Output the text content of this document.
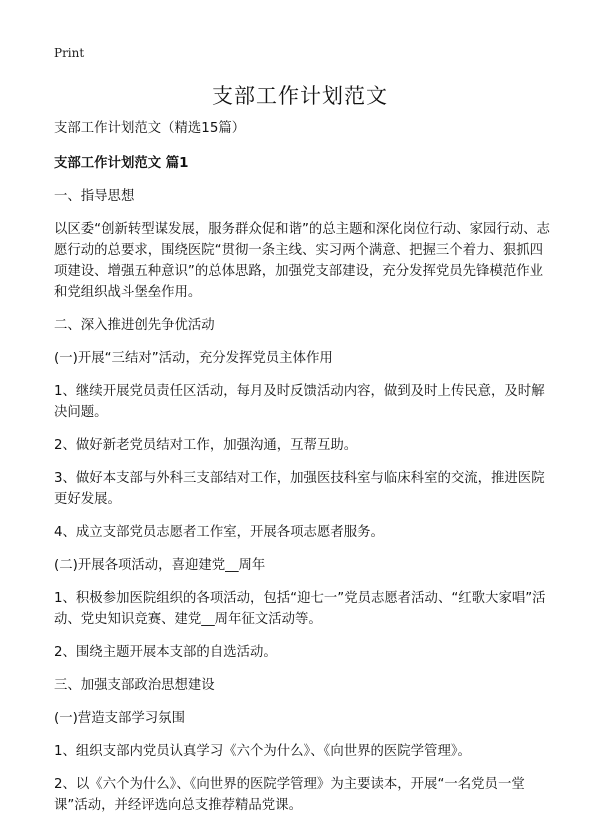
Print
支部工作计划范文

支部工作计划范文（精选15篇）

支部工作计划范文 篇1

一、指导思想

以区委“创新转型谋发展，服务群众促和谐”的总主题和深化岗位行动、家园行动、志愿行动的总要求，围绕医院“贯彻一条主线、实习两个满意、把握三个着力、狠抓四项建设、增强五种意识”的总体思路，加强党支部建设，充分发挥党员先锋模范作业和党组织战斗堡垒作用。

二、深入推进创先争优活动

(一)开展“三结对”活动，充分发挥党员主体作用

1、继续开展党员责任区活动，每月及时反馈活动内容，做到及时上传民意，及时解决问题。

2、做好新老党员结对工作，加强沟通，互帮互助。

3、做好本支部与外科三支部结对工作，加强医技科室与临床科室的交流，推进医院更好发展。

4、成立支部党员志愿者工作室，开展各项志愿者服务。

(二)开展各项活动，喜迎建党__周年

1、积极参加医院组织的各项活动，包括“迎七一”党员志愿者活动、“红歌大家唱”活动、党史知识竞赛、建党__周年征文活动等。

2、围绕主题开展本支部的自选活动。

三、加强支部政治思想建设

(一)营造支部学习氛围

1、组织支部内党员认真学习《六个为什么》、《向世界的医院学管理》。

2、以《六个为什么》、《向世界的医院学管理》为主要读本，开展“一名党员一堂课”活动，并经评选向总支推荐精品党课。
